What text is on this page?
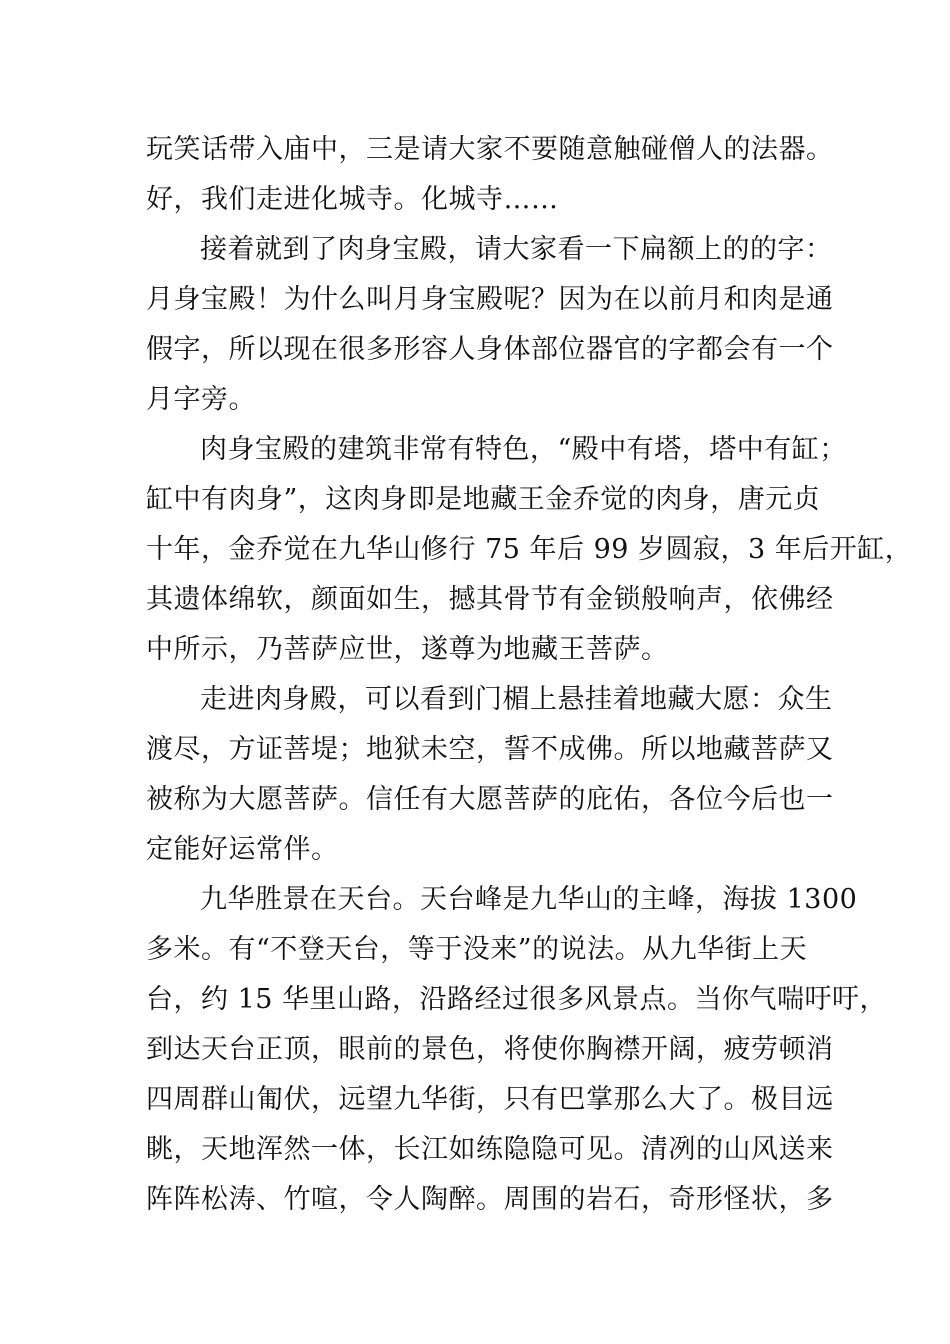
玩笑话带入庙中，三是请大家不要随意触碰僧人的法器。
好，我们走进化城寺。化城寺……
接着就到了肉身宝殿，请大家看一下扁额上的的字：
月身宝殿！为什么叫月身宝殿呢？因为在以前月和肉是通
假字，所以现在很多形容人身体部位器官的字都会有一个
月字旁。
肉身宝殿的建筑非常有特色，“殿中有塔，塔中有缸；
缸中有肉身”，这肉身即是地藏王金乔觉的肉身，唐元贞
十年，金乔觉在九华山修行 75 年后 99 岁圆寂，3 年后开缸，
其遗体绵软，颜面如生，撼其骨节有金锁般响声，依佛经
中所示，乃菩萨应世，遂尊为地藏王菩萨。
走进肉身殿，可以看到门楣上悬挂着地藏大愿：众生
渡尽，方证菩堤；地狱未空，誓不成佛。所以地藏菩萨又
被称为大愿菩萨。信任有大愿菩萨的庇佑，各位今后也一
定能好运常伴。
九华胜景在天台。天台峰是九华山的主峰，海拔 1300
多米。有“不登天台，等于没来”的说法。从九华街上天
台，约 15 华里山路，沿路经过很多风景点。当你气喘吁吁，
到达天台正顶，眼前的景色，将使你胸襟开阔，疲劳顿消
四周群山匍伏，远望九华街，只有巴掌那么大了。极目远
眺，天地浑然一体，长江如练隐隐可见。清冽的山风送来
阵阵松涛、竹喧，令人陶醉。周围的岩石，奇形怪状，多
